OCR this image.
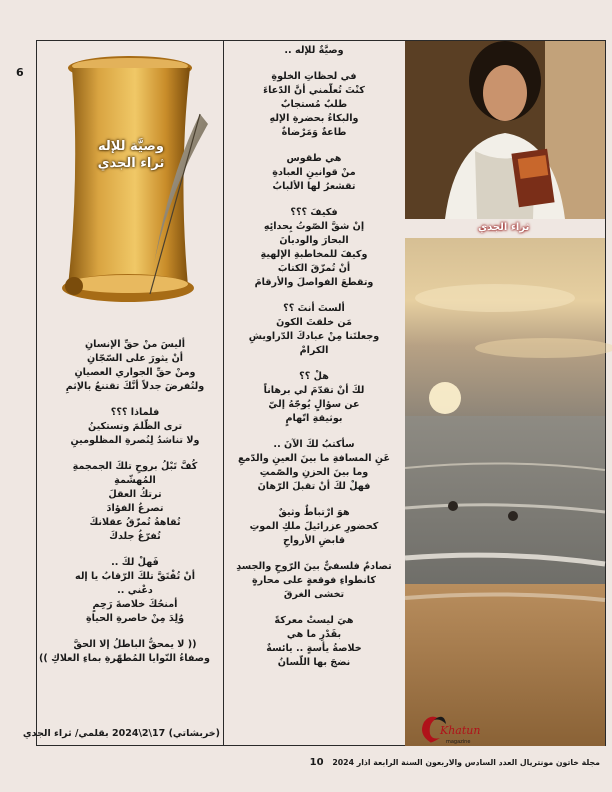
6
وصيَّة للإله
ثراء الجدي
وصيَّةٌ للإله ..
في لحظاتِ الخلوةِ
كنْتَ تُعلّمني أنَّ الدّعاءَ
طلبٌ مُستجابٌ
والبكاءُ بحضرةِ الإلهِ
طاعةٌ وَمَرْضاةٌ
هي طقوس
منْ قوانينِ العبادةِ
تقشعرُ لها الألبابُ
فكيفَ ؟؟؟
إنْ شقَّ الصّوتُ بِحدائِهِ
البحارَ والوديانَ
وكيفَ للمخاطبةِ الإلهيةِ
أنْ تُمزّقَ الكتابَ
وتقطعَ الفواصلَ والأرقامَ
ألستَ أنتَ ؟؟
مَن خلقتَ الكونَ
وجعلتَنا مِنْ عبادكَ الدّراويشِ
الكرامْ
هلْ ؟؟
لكَ أنْ تقدّمَ لي برهاناً
عن سؤالٍ يُوجّهُ إليّ
بوثيقةِ اتّهامٍ
سأكتبُ لكَ الآنَ ..
عَنِ المسافةِ ما بينَ العينِ والدّمعِ
وما بينَ الحزنِ والصّمتِ
فهلْ لكَ أنْ تقبلَ الرّهانَ
هوَ ارْتباطٌ وثيقٌ
كحضورِ عزرائيلَ ملكِ الموتِ
قابضِ الأرواحِ
تصادمٌ فلسفيٌّ بينَ الرّوحِ والجسدِ
كانطواءِ فوقعةٍ على محارةٍ
تخشى الغرقَ
هيَ ليستْ معركةً
بقَدْرِ ما هي
خلاصةُ يأسةٍ .. يائسةٌ
نضجَ بها اللّسانُ
أليسَ منْ حقِّ الإنسانِ
أنْ يثورَ على السّجّانِ
ومنْ حقِّ الجواري العصيانِ
ولتُفرضَ جدلاً أنَّكَ تقتنعُ بالإثمِ
فلماذا ؟؟؟
ترى الظّلمَ وتستكينُ
ولا تناشدُ لِنُصرةِ المظلومينِ
كُفَّ تَبْلُ بروحِ تلكَ الجمجمةِ
المُهشّمةِ
ترتكُ العقلَ
تصرعُ الفؤادَ
تُقاهةُ تُمزّقُ عقلانكَ
تُفرّغُ جلدكَ
فَهلْ لكَ ..
أنْ تُفْتَقَّ تلكَ الرّقابُ يا إله
دعْني ..
أمنحُكَ خلاصةَ رَحِمٍ
وُلِدَ مِنْ خاصرةِ الحياةِ
(( لا يمحقُّ الباطلُ إلا الحقَّ
وصفاءُ النّوايا المُطهّرةِ بماءِ العلاكِ ))
(خربشاتي) 17\2\2024 بقلمي/ ثراء الجدي
ثراء الجدي
Khatun
magazine
مجلة خاتون مونتريال العدد السادس والاربعون السنة الرابعة اذار 2024 10
